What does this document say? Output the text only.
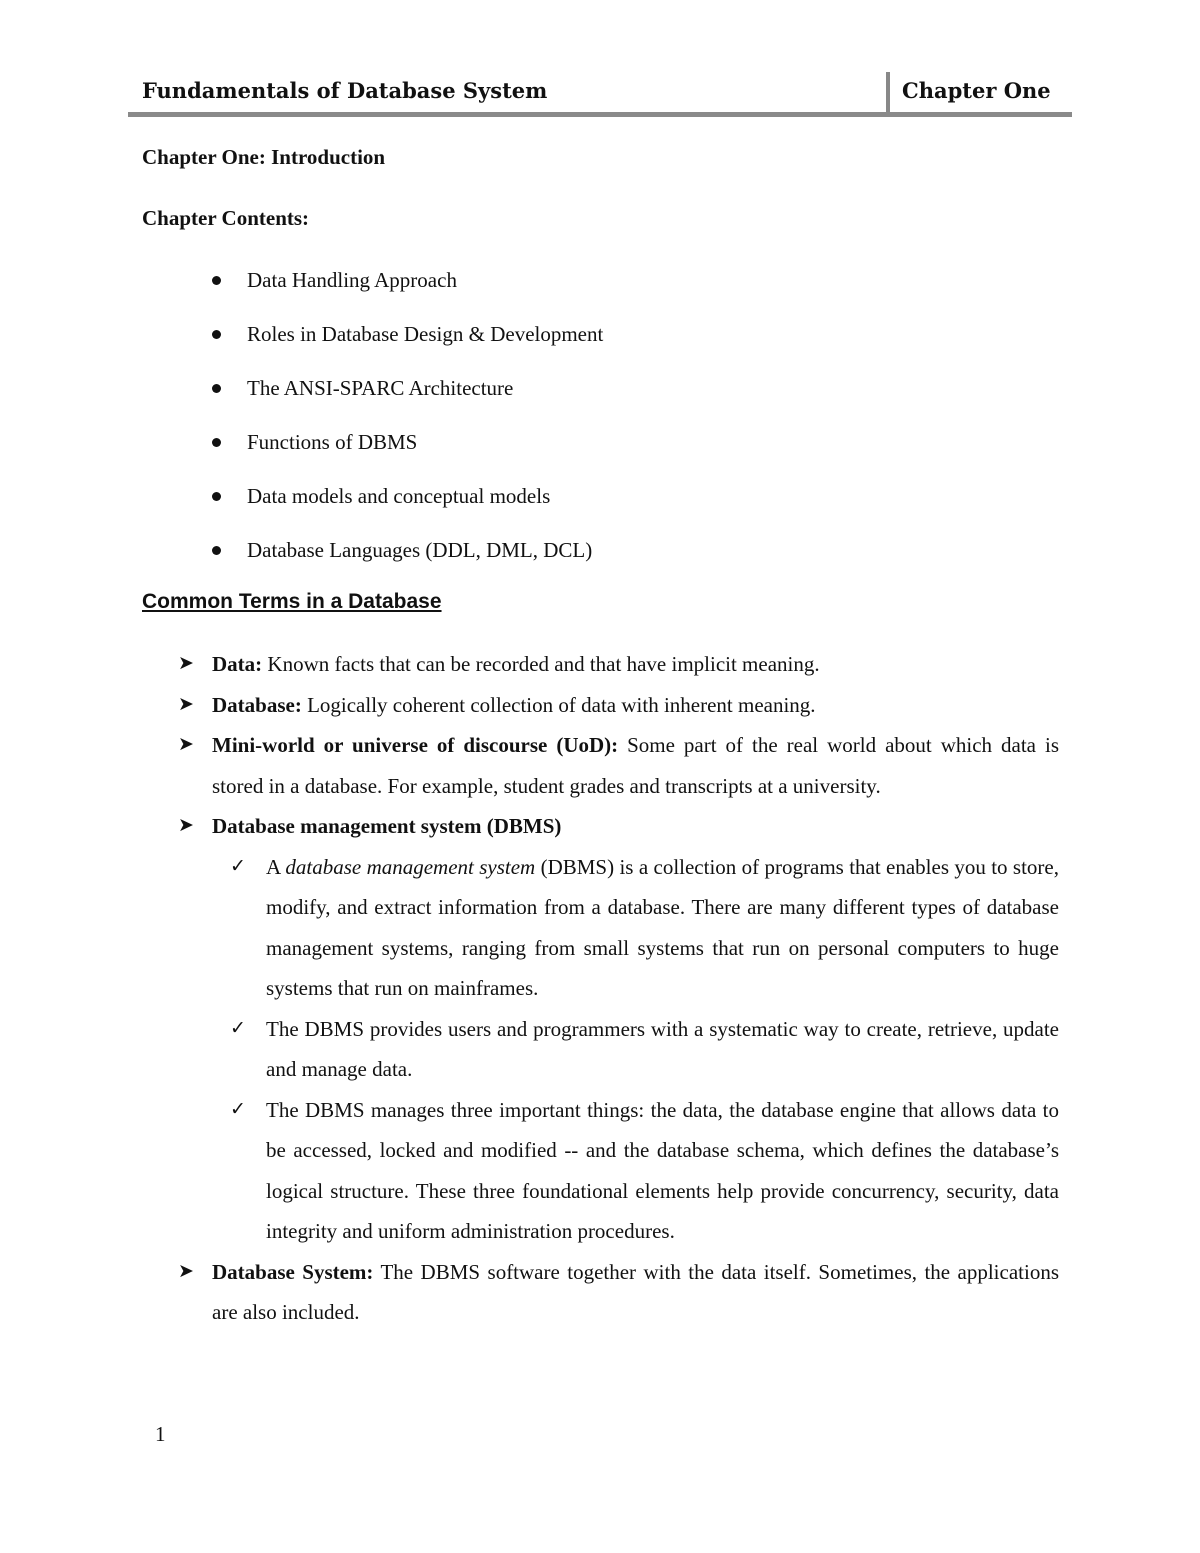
Fundamentals of Database System	Chapter One
Chapter One: Introduction
Chapter Contents:
Data Handling Approach
Roles in Database Design & Development
The ANSI-SPARC Architecture
Functions of DBMS
Data models and conceptual models
Database Languages (DDL, DML, DCL)
Common Terms in a Database
➤ Data: Known facts that can be recorded and that have implicit meaning.
➤ Database: Logically coherent collection of data with inherent meaning.
➤ Mini-world or universe of discourse (UoD): Some part of the real world about which data is stored in a database. For example, student grades and transcripts at a university.
➤ Database management system (DBMS)
✓ A database management system (DBMS) is a collection of programs that enables you to store, modify, and extract information from a database. There are many different types of database management systems, ranging from small systems that run on personal computers to huge systems that run on mainframes.
✓ The DBMS provides users and programmers with a systematic way to create, retrieve, update and manage data.
✓ The DBMS manages three important things: the data, the database engine that allows data to be accessed, locked and modified -- and the database schema, which defines the database’s logical structure. These three foundational elements help provide concurrency, security, data integrity and uniform administration procedures.
➤ Database System: The DBMS software together with the data itself. Sometimes, the applications are also included.
1
